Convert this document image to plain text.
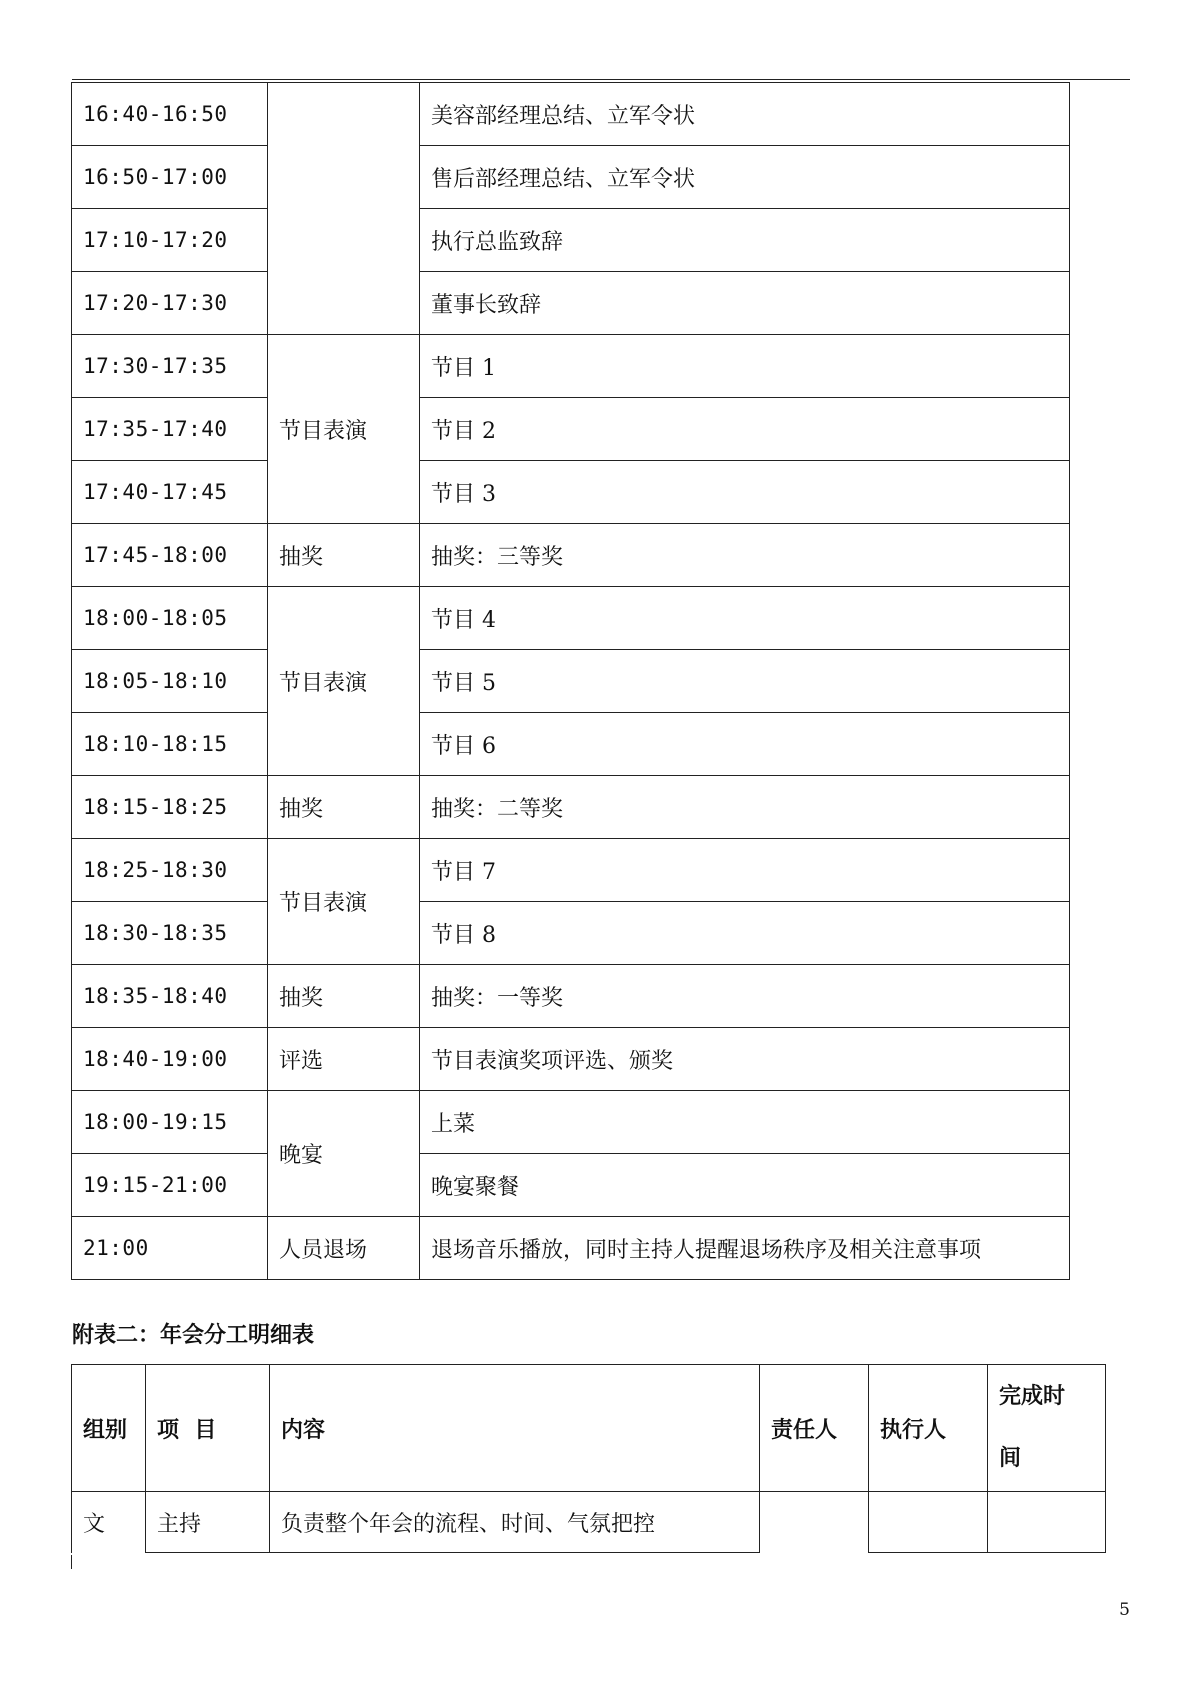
16:40-16:50		美容部经理总结、立军令状
16:50-17:00		售后部经理总结、立军令状
17:10-17:20		执行总监致辞
17:20-17:30		董事长致辞
17:30-17:35	节目表演	节目 1
17:35-17:40		节目 2
17:40-17:45		节目 3
17:45-18:00	抽奖	抽奖：三等奖
18:00-18:05	节目表演	节目 4
18:05-18:10		节目 5
18:10-18:15		节目 6
18:15-18:25	抽奖	抽奖：二等奖
18:25-18:30	节目表演	节目 7
18:30-18:35		节目 8
18:35-18:40	抽奖	抽奖：一等奖
18:40-19:00	评选	节目表演奖项评选、颁奖
18:00-19:15	晚宴	上菜
19:15-21:00		晚宴聚餐
21:00	人员退场	退场音乐播放，同时主持人提醒退场秩序及相关注意事项
附表二：年会分工明细表
组别	项  目	内容	责任人	执行人	完成时
间

文	主持	负责整个年会的流程、时间、气氛把控			
5
